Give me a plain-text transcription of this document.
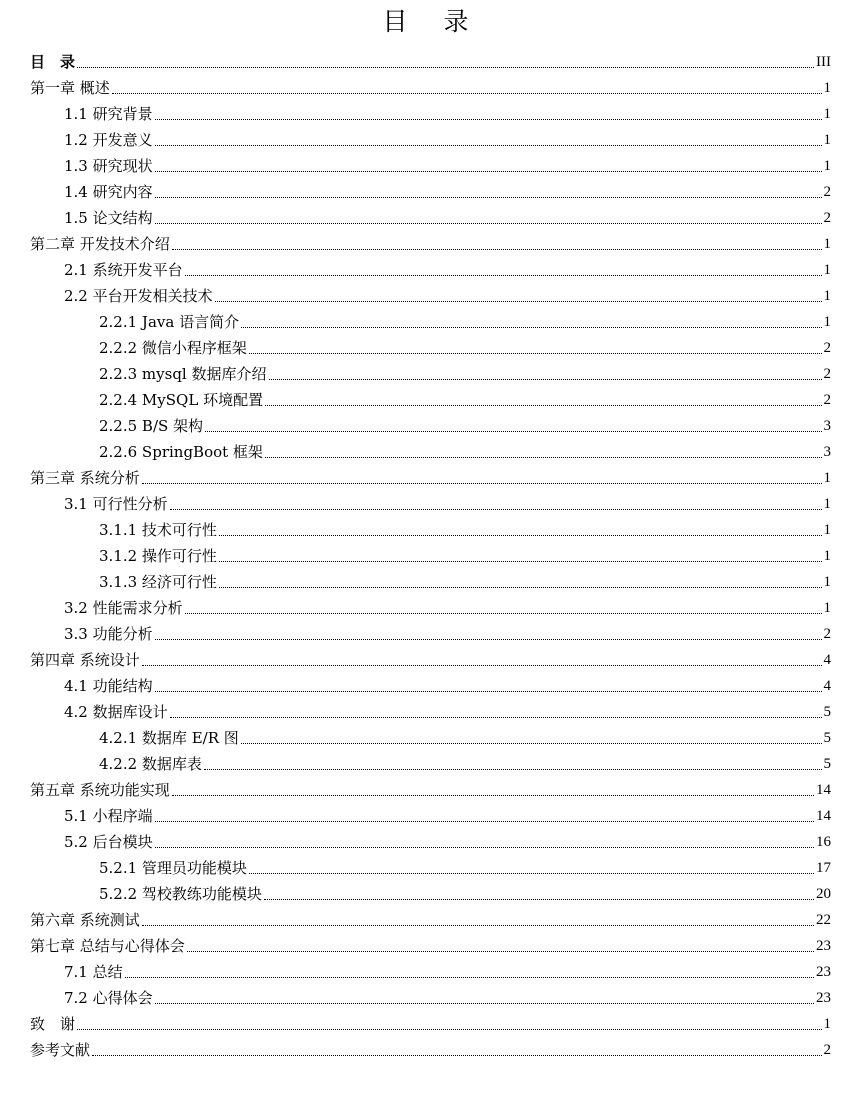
目 录
目　录	III
第一章 概述	1
1.1 研究背景	1
1.2 开发意义	1
1.3 研究现状	1
1.4 研究内容	2
1.5 论文结构	2
第二章 开发技术介绍	1
2.1 系统开发平台	1
2.2 平台开发相关技术	1
2.2.1 Java 语言简介	1
2.2.2 微信小程序框架	2
2.2.3 mysql 数据库介绍	2
2.2.4 MySQL 环境配置	2
2.2.5 B/S 架构	3
2.2.6 SpringBoot 框架	3
第三章 系统分析	1
3.1 可行性分析	1
3.1.1 技术可行性	1
3.1.2 操作可行性	1
3.1.3 经济可行性	1
3.2 性能需求分析	1
3.3 功能分析	2
第四章 系统设计	4
4.1 功能结构	4
4.2 数据库设计	5
4.2.1 数据库 E/R 图	5
4.2.2 数据库表	5
第五章 系统功能实现	14
5.1 小程序端	14
5.2 后台模块	16
5.2.1 管理员功能模块	17
5.2.2 驾校教练功能模块	20
第六章 系统测试	22
第七章 总结与心得体会	23
7.1 总结	23
7.2 心得体会	23
致　谢	1
参考文献	2
